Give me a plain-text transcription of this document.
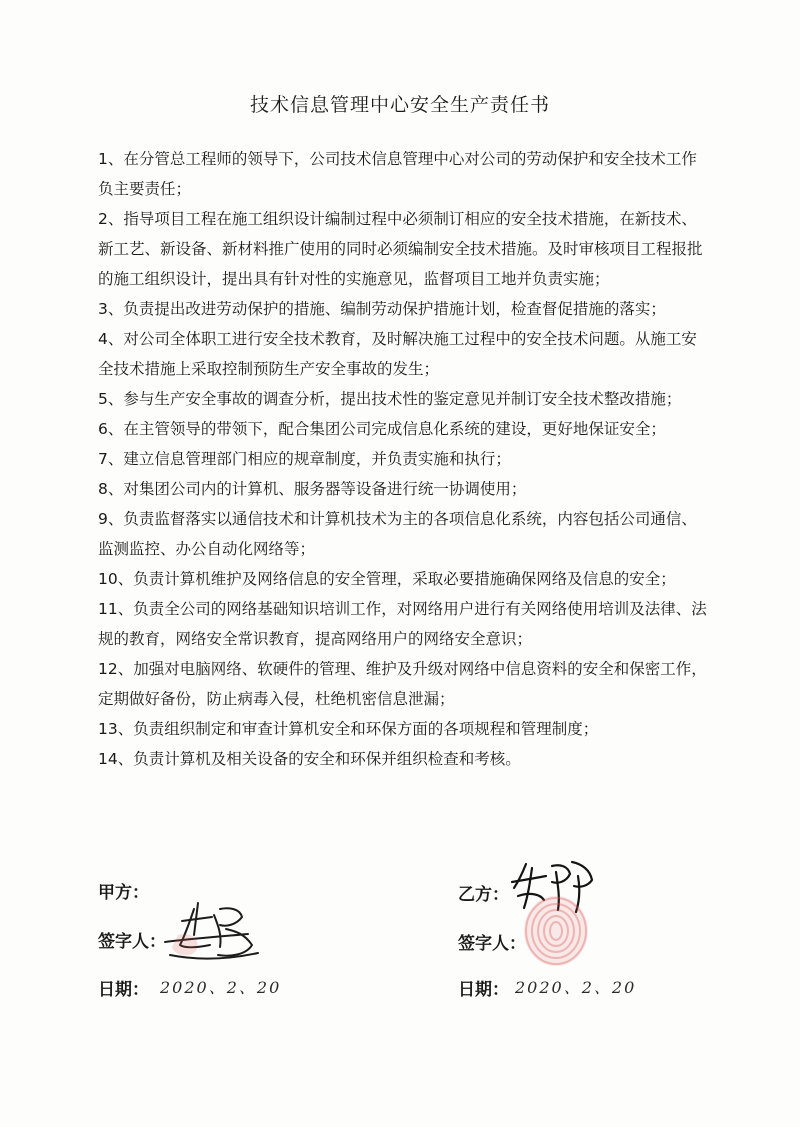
技术信息管理中心安全生产责任书

1、在分管总工程师的领导下，公司技术信息管理中心对公司的劳动保护和安全技术工作负主要责任；

2、指导项目工程在施工组织设计编制过程中必须制订相应的安全技术措施，在新技术、新工艺、新设备、新材料推广使用的同时必须编制安全技术措施。及时审核项目工程报批的施工组织设计，提出具有针对性的实施意见，监督项目工地并负责实施；

3、负责提出改进劳动保护的措施、编制劳动保护措施计划，检查督促措施的落实；

4、对公司全体职工进行安全技术教育，及时解决施工过程中的安全技术问题。从施工安全技术措施上采取控制预防生产安全事故的发生；

5、参与生产安全事故的调查分析，提出技术性的鉴定意见并制订安全技术整改措施；

6、在主管领导的带领下，配合集团公司完成信息化系统的建设，更好地保证安全；

7、建立信息管理部门相应的规章制度，并负责实施和执行；

8、对集团公司内的计算机、服务器等设备进行统一协调使用；

9、负责监督落实以通信技术和计算机技术为主的各项信息化系统，内容包括公司通信、监测监控、办公自动化网络等；

10、负责计算机维护及网络信息的安全管理，采取必要措施确保网络及信息的安全；

11、负责全公司的网络基础知识培训工作，对网络用户进行有关网络使用培训及法律、法规的教育，网络安全常识教育，提高网络用户的网络安全意识；

12、加强对电脑网络、软硬件的管理、维护及升级对网络中信息资料的安全和保密工作，定期做好备份，防止病毒入侵，杜绝机密信息泄漏；

13、负责组织制定和审查计算机安全和环保方面的各项规程和管理制度；

14、负责计算机及相关设备的安全和环保并组织检查和考核。

甲方：
签字人：
日期： 2020、2、20
乙方：
签字人：
日期： 2020、2、20
